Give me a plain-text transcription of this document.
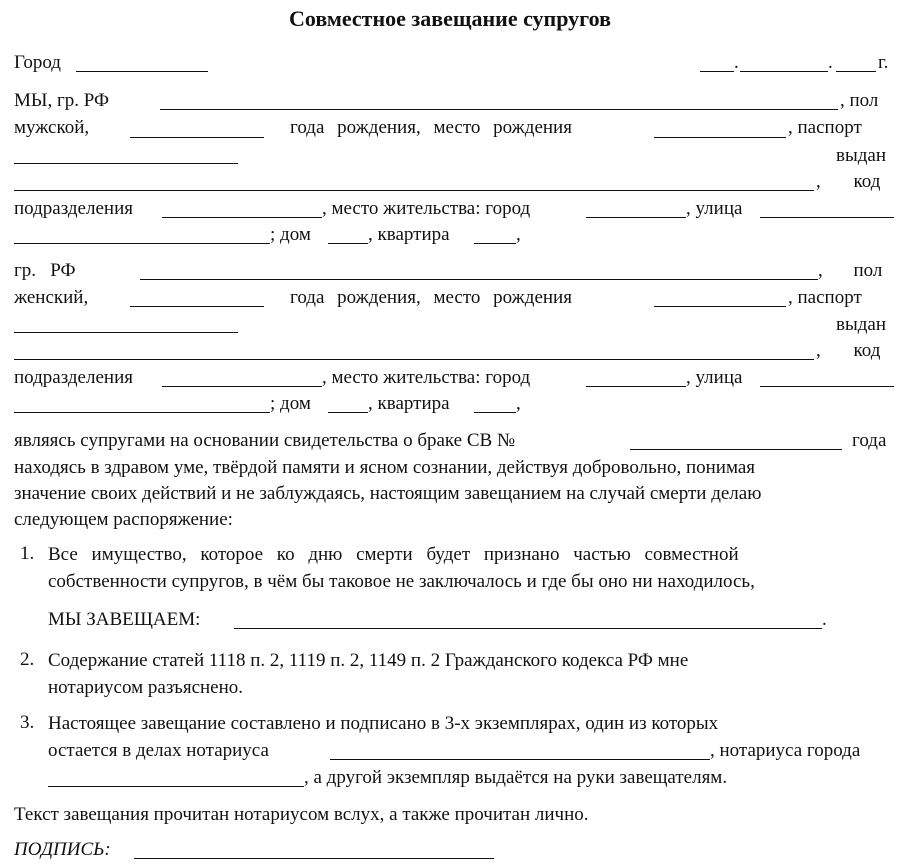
Совместное завещание супругов
Город	.	. г.
МЫ, гр. РФ	, пол
мужской,	года рождения, место рождения	, паспорт
выдан
, код
подразделения	, место жительства: город	, улица
; дом	, квартира	,
гр.   РФ	, пол
женский,	года рождения, место рождения	, паспорт
выдан
, код
подразделения	, место жительства: город	, улица
; дом	, квартира	,
являясь супругами на основании свидетельства о браке СВ №	года
находясь в здравом уме, твёрдой памяти и ясном сознании, действуя добровольно, понимая
значение своих действий и не заблуждаясь, настоящим завещанием на случай смерти делаю
следующем распоряжение:
1. Все имущество, которое ко дню смерти будет признано частью совместной
собственности супругов, в чём бы таковое не заключалось и где бы оно ни находилось,
МЫ ЗАВЕЩАЕМ:	.
2. Содержание статей 1118 п. 2, 1119 п. 2, 1149 п. 2 Гражданского кодекса РФ мне
нотариусом разъяснено.
3. Настоящее завещание составлено и подписано в 3-х экземплярах, один из которых
остается в делах нотариуса	, нотариуса города
, а другой экземпляр выдаётся на руки завещателям.
Текст завещания прочитан нотариусом вслух, а также прочитан лично.
ПОДПИСЬ:
